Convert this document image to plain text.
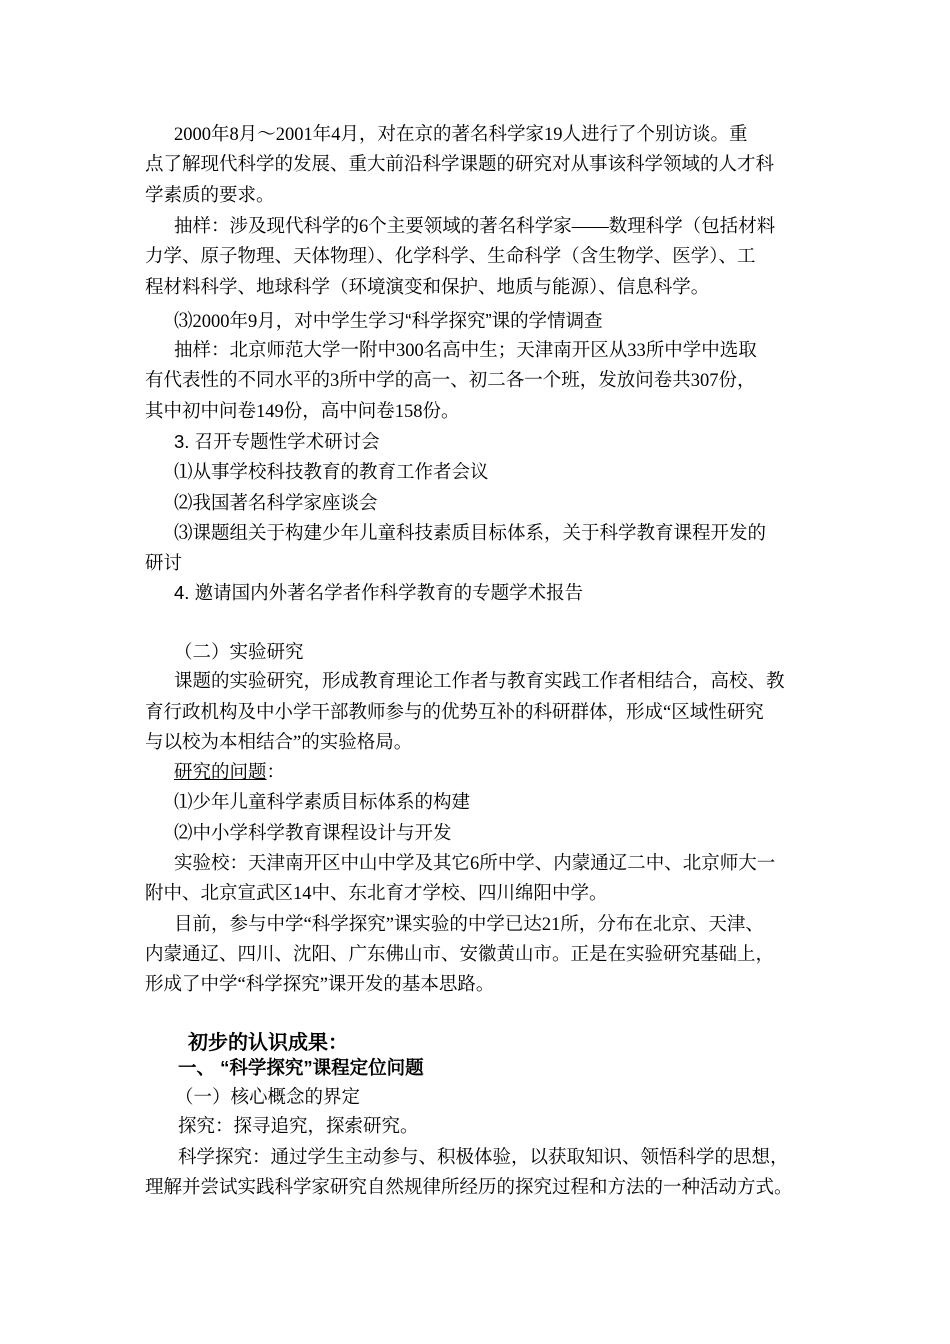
2000年8月～2001年4月，对在京的著名科学家19人进行了个别访谈。重
点了解现代科学的发展、重大前沿科学课题的研究对从事该科学领域的人才科
学素质的要求。
抽样：涉及现代科学的6个主要领域的著名科学家——数理科学（包括材料
力学、原子物理、天体物理）、化学科学、生命科学（含生物学、医学）、工
程材料科学、地球科学（环境演变和保护、地质与能源）、信息科学。
⑶2000年9月，对中学生学习“科学探究”课的学情调查
抽样：北京师范大学一附中300名高中生；天津南开区从33所中学中选取
有代表性的不同水平的3所中学的高一、初二各一个班，发放问卷共307份，
其中初中问卷149份，高中问卷158份。
3. 召开专题性学术研讨会
⑴从事学校科技教育的教育工作者会议
⑵我国著名科学家座谈会
⑶课题组关于构建少年儿童科技素质目标体系，关于科学教育课程开发的
研讨
4. 邀请国内外著名学者作科学教育的专题学术报告
（二）实验研究
课题的实验研究，形成教育理论工作者与教育实践工作者相结合，高校、教
育行政机构及中小学干部教师参与的优势互补的科研群体，形成“区域性研究
与以校为本相结合”的实验格局。
研究的问题：
⑴少年儿童科学素质目标体系的构建
⑵中小学科学教育课程设计与开发
实验校：天津南开区中山中学及其它6所中学、内蒙通辽二中、北京师大一
附中、北京宣武区14中、东北育才学校、四川绵阳中学。
目前，参与中学“科学探究”课实验的中学已达21所，分布在北京、天津、
内蒙通辽、四川、沈阳、广东佛山市、安徽黄山市。正是在实验研究基础上，
形成了中学“科学探究”课开发的基本思路。
初步的认识成果：
一、 “科学探究”课程定位问题
（一）核心概念的界定
探究：探寻追究，探索研究。
科学探究：通过学生主动参与、积极体验，以获取知识、领悟科学的思想，
理解并尝试实践科学家研究自然规律所经历的探究过程和方法的一种活动方式。
